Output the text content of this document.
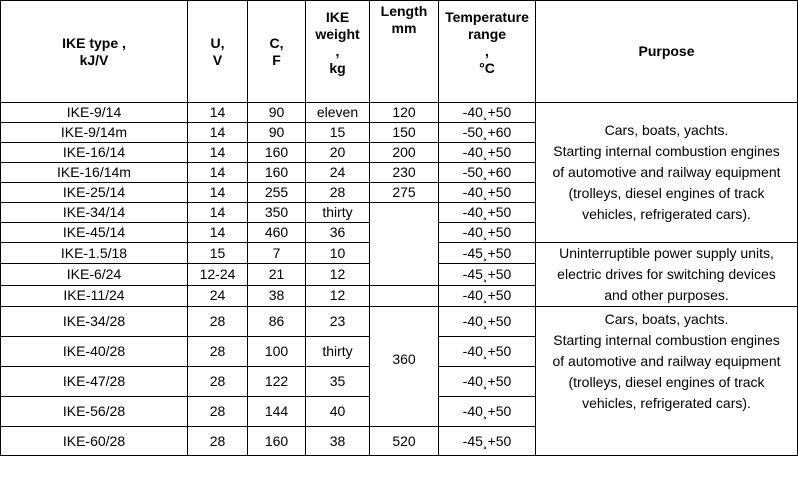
IKE type ,
kJ/V	U,
V	C,
F	IKE
weight
,
kg	Length
mm	Temperature
range
,
°C	Purpose
IKE-9/14	14	90	eleven	120	-40¸+50	Cars, boats, yachts.
Starting internal combustion engines
of automotive and railway equipment
(trolleys, diesel engines of track
vehicles, refrigerated cars).
IKE-9/14m	14	90	15	150	-50¸+60	
IKE-16/14	14	160	20	200	-40¸+50	
IKE-16/14m	14	160	24	230	-50¸+60	
IKE-25/14	14	255	28	275	-40¸+50	
IKE-34/14	14	350	thirty		-40¸+50	
IKE-45/14	14	460	36		-40¸+50	
IKE-1.5/18	15	7	10		-45¸+50	Uninterruptible power supply units,
electric drives for switching devices
and other purposes.
IKE-6/24	12-24	21	12		-45¸+50	
IKE-11/24	24	38	12		-40¸+50	
IKE-34/28	28	86	23	360	-40¸+50	Cars, boats, yachts.
Starting internal combustion engines
of automotive and railway equipment
(trolleys, diesel engines of track
vehicles, refrigerated cars).
IKE-40/28	28	100	thirty		-40¸+50	
IKE-47/28	28	122	35		-40¸+50	
IKE-56/28	28	144	40		-40¸+50	
IKE-60/28	28	160	38	520	-45¸+50	
